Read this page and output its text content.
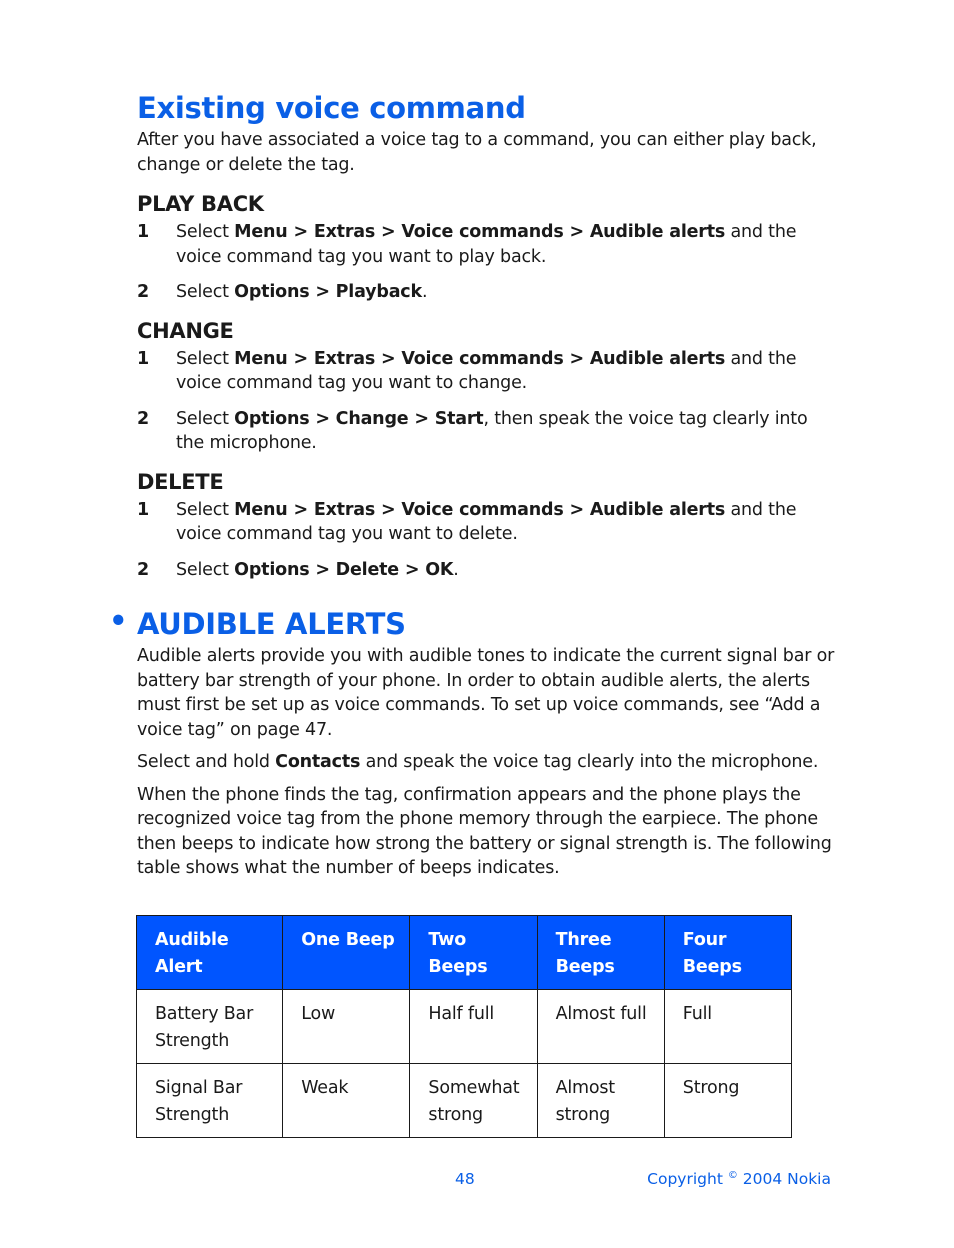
Existing voice command

After you have associated a voice tag to a command, you can either play back, change or delete the tag.

PLAY BACK
1 Select Menu > Extras > Voice commands > Audible alerts and the voice command tag you want to play back.
2 Select Options > Playback.
CHANGE
1 Select Menu > Extras > Voice commands > Audible alerts and the voice command tag you want to change.
2 Select Options > Change > Start, then speak the voice tag clearly into the microphone.
DELETE
1 Select Menu > Extras > Voice commands > Audible alerts and the voice command tag you want to delete.
2 Select Options > Delete > OK.
• AUDIBLE ALERTS

Audible alerts provide you with audible tones to indicate the current signal bar or battery bar strength of your phone. In order to obtain audible alerts, the alerts must first be set up as voice commands. To set up voice commands, see “Add a voice tag” on page 47.

Select and hold Contacts and speak the voice tag clearly into the microphone.

When the phone finds the tag, confirmation appears and the phone plays the recognized voice tag from the phone memory through the earpiece. The phone then beeps to indicate how strong the battery or signal strength is. The following table shows what the number of beeps indicates.

Audible Alert	One Beep	Two Beeps	Three Beeps	Four Beeps
Battery Bar Strength	Low	Half full	Almost full	Full
Signal Bar Strength	Weak	Somewhat strong	Almost strong	Strong
48	Copyright © 2004 Nokia
